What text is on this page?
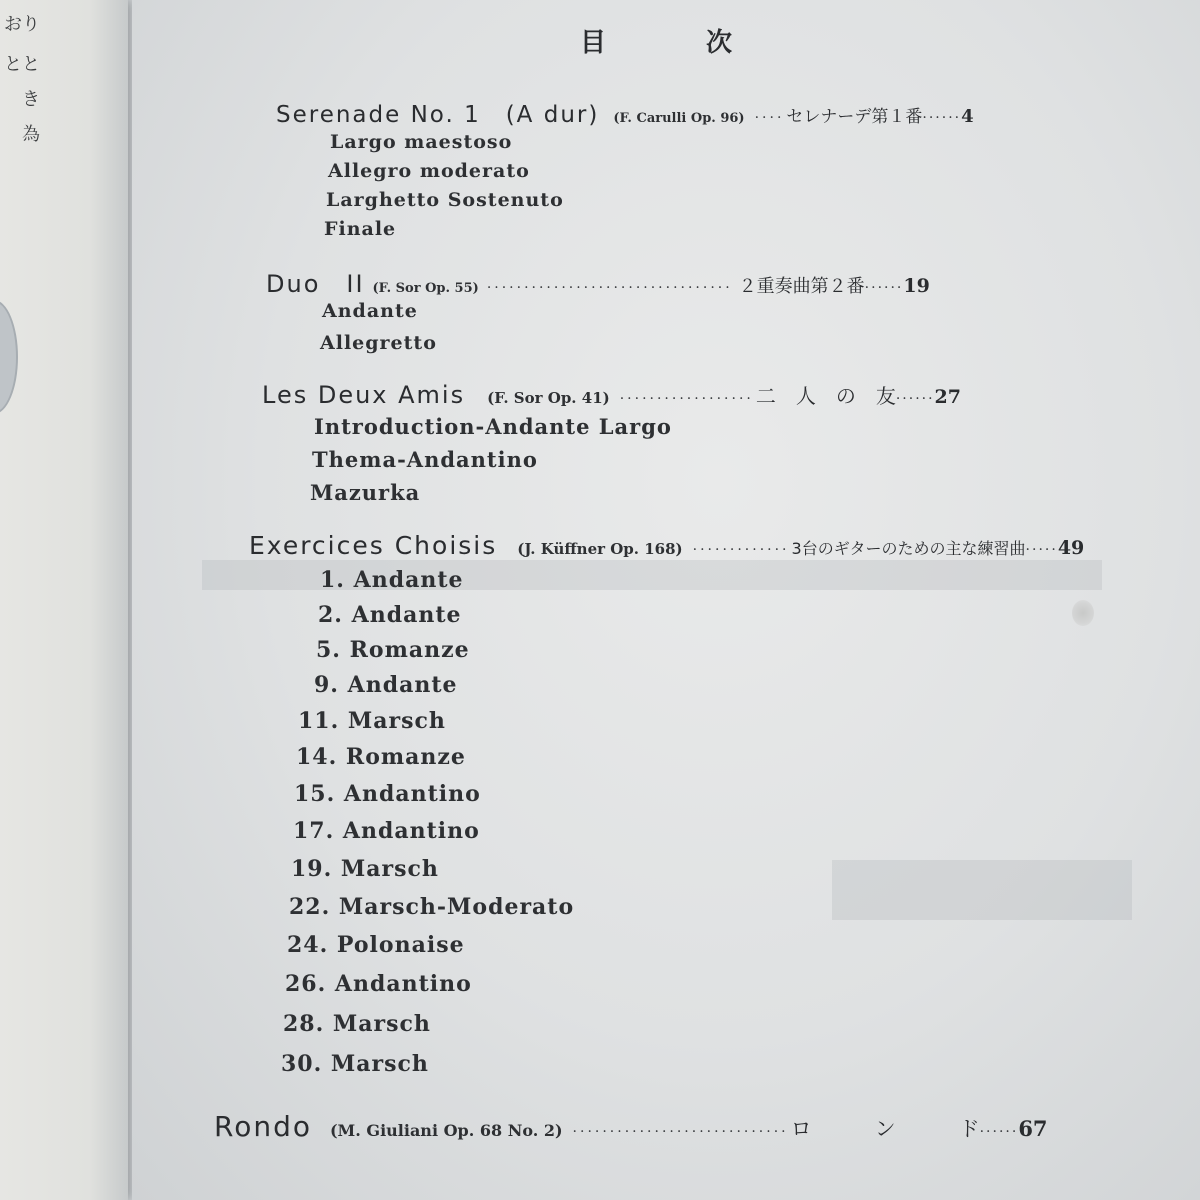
おり
とと
き
為
目次
Serenade No. 1　(A dur) (F. Carulli Op. 96) ···· セレナーデ第１番 ······ 4
Largo maestoso
Allegro moderato
Larghetto Sostenuto
Finale
Duo　II (F. Sor Op. 55) ································· ２重奏曲第２番 ······ 19
Andante
Allegretto
Les Deux Amis (F. Sor Op. 41) ·················· 二　人　の　友 ······ 27
Introduction-Andante Largo
Thema-Andantino
Mazurka
Exercices Choisis (J. Küffner Op. 168) ············· 3台のギターのための主な練習曲 ····· 49
1. Andante
2. Andante
5. Romanze
9. Andante
11. Marsch
14. Romanze
15. Andantino
17. Andantino
19. Marsch
22. Marsch-Moderato
24. Polonaise
26. Andantino
28. Marsch
30. Marsch
Rondo (M. Giuliani Op. 68 No. 2) ····························· ロ　　　ン　　　ド ······ 67
